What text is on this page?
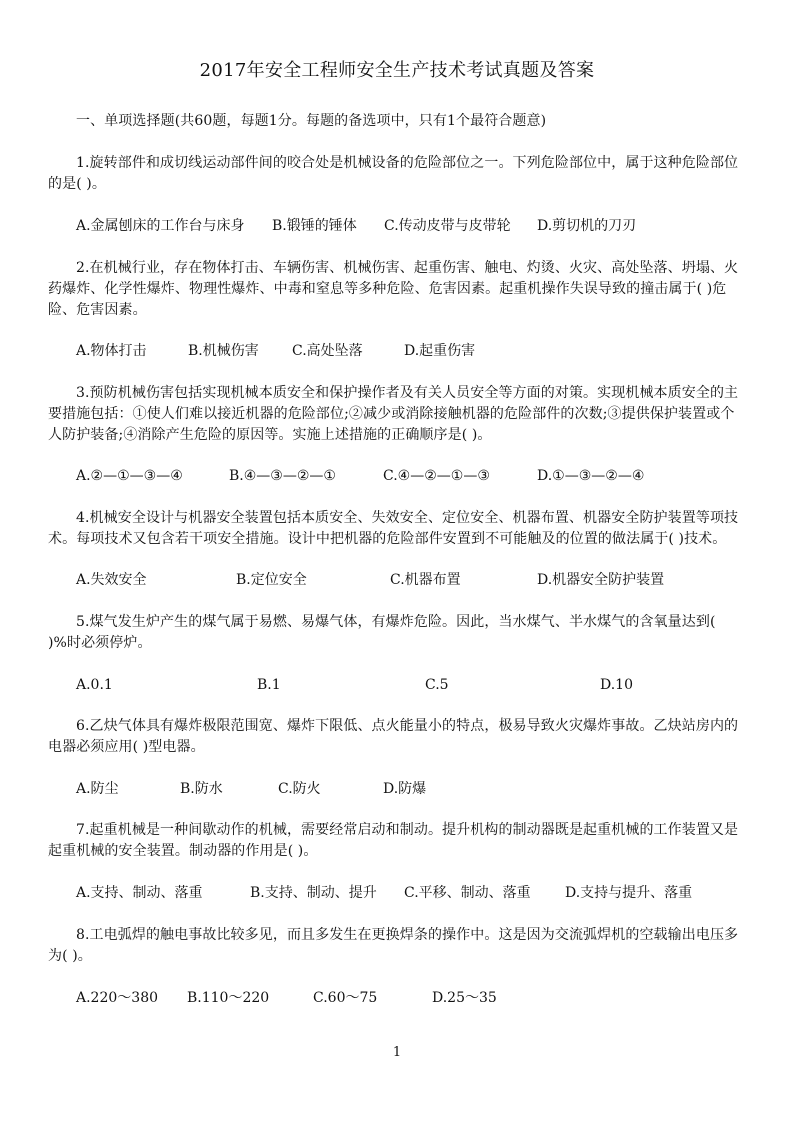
2017年安全工程师安全生产技术考试真题及答案
一、单项选择题(共60题，每题1分。每题的备选项中，只有1个最符合题意)
1.旋转部件和成切线运动部件间的咬合处是机械设备的危险部位之一。下列危险部位中，属于这种危险部位的是( )。
A.金属刨床的工作台与床身 B.锻锤的锤体 C.传动皮带与皮带轮 D.剪切机的刀刃
2.在机械行业，存在物体打击、车辆伤害、机械伤害、起重伤害、触电、灼烫、火灾、高处坠落、坍塌、火药爆炸、化学性爆炸、物理性爆炸、中毒和窒息等多种危险、危害因素。起重机操作失误导致的撞击属于( )危险、危害因素。
A.物体打击	B.机械伤害 C.高处坠落	D.起重伤害
3.预防机械伤害包括实现机械本质安全和保护操作者及有关人员安全等方面的对策。实现机械本质安全的主要措施包括：①使人们难以接近机器的危险部位;②减少或消除接触机器的危险部件的次数;③提供保护装置或个人防护装备;④消除产生危险的原因等。实施上述措施的正确顺序是( )。
A.②—①—③—④	B.④—③—②—①	C.④—②—①—③	D.①—③—②—④
4.机械安全设计与机器安全装置包括本质安全、失效安全、定位安全、机器布置、机器安全防护装置等项技术。每项技术又包含若干项安全措施。设计中把机器的危险部件安置到不可能触及的位置的做法属于( )技术。
A.失效安全	B.定位安全	C.机器布置	D.机器安全防护装置
5.煤气发生炉产生的煤气属于易燃、易爆气体，有爆炸危险。因此，当水煤气、半水煤气的含氧量达到(　 )%时必须停炉。
A.0.1	B.1	C.5	D.10
6.乙炔气体具有爆炸极限范围宽、爆炸下限低、点火能量小的特点，极易导致火灾爆炸事故。乙炔站房内的电器必须应用( )型电器。
A.防尘	B.防水	C.防火	D.防爆
7.起重机械是一种间歇动作的机械，需要经常启动和制动。提升机构的制动器既是起重机械的工作装置又是起重机械的安全装置。制动器的作用是( )。
A.支持、制动、落重	B.支持、制动、提升 C.平移、制动、落重 D.支持与提升、落重
8.工电弧焊的触电事故比较多见，而且多发生在更换焊条的操作中。这是因为交流弧焊机的空载输出电压多为( )。
A.220～380 B.110～220	C.60～75	D.25～35
1
